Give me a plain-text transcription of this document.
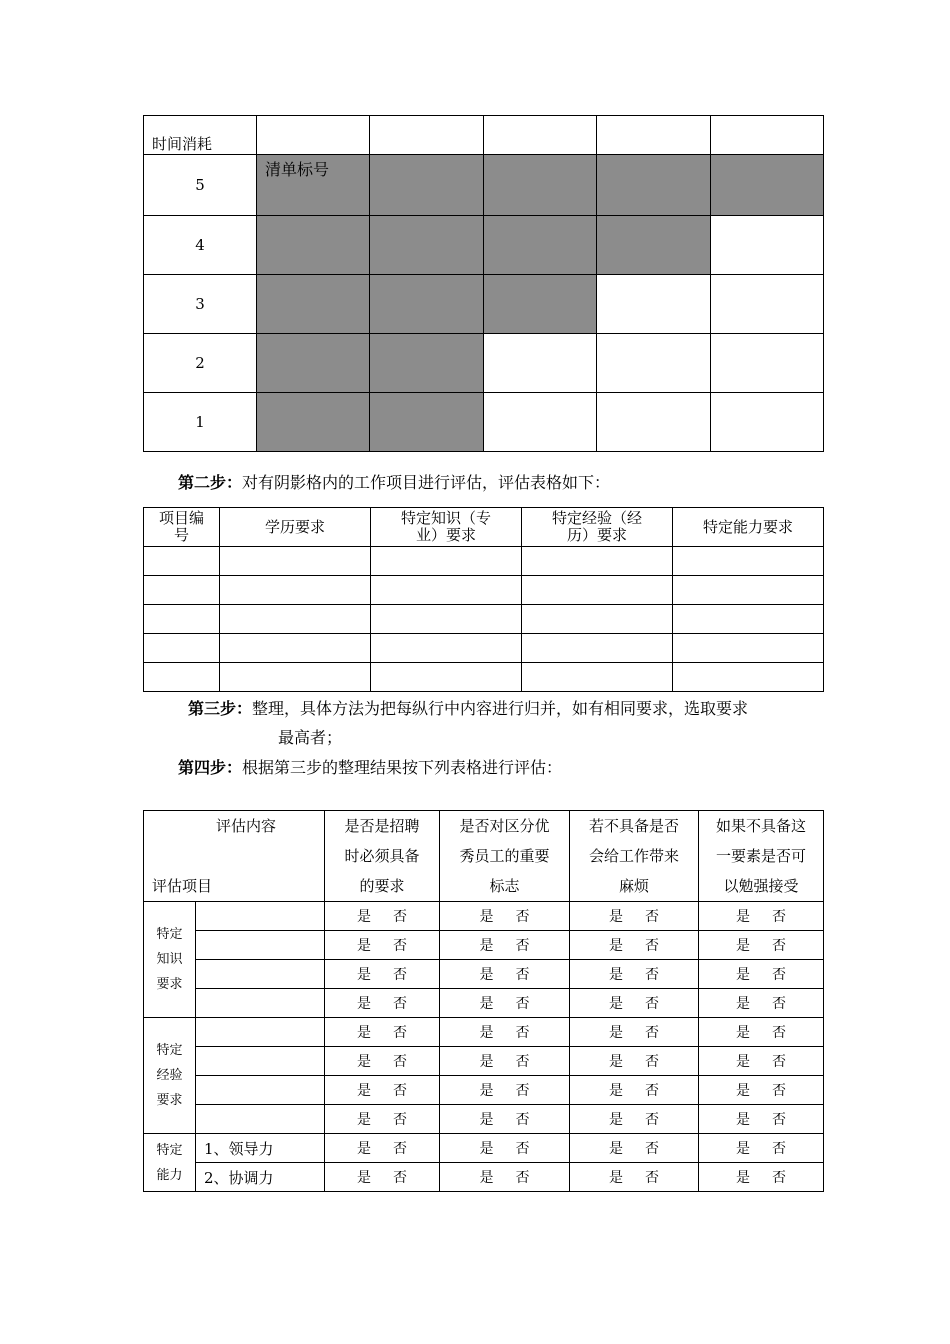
时间消耗					
5	清单标号				
4					
3					
2					
1					
第二步：对有阴影格内的工作项目进行评估，评估表格如下：
项目编
号	学历要求	特定知识（专
业）要求	特定经验（经
历）要求	特定能力要求

第三步：整理，具体方法为把每纵行中内容进行归并，如有相同要求，选取要求
最高者；
第四步：根据第三步的整理结果按下列表格进行评估：
评估内容
评估项目		是否是招聘
时必须具备
的要求	是否对区分优
秀员工的重要
标志	若不具备是否
会给工作带来
麻烦	如果不具备这
一要素是否可
以勉强接受
特定
知识
要求		是 否	是 否	是 否	是 否
		是 否	是 否	是 否	是 否
		是 否	是 否	是 否	是 否
		是 否	是 否	是 否	是 否
特定
经验
要求		是 否	是 否	是 否	是 否
		是 否	是 否	是 否	是 否
		是 否	是 否	是 否	是 否
		是 否	是 否	是 否	是 否
特定
能力	1、领导力	是 否	是 否	是 否	是 否
	2、协调力	是 否	是 否	是 否	是 否
